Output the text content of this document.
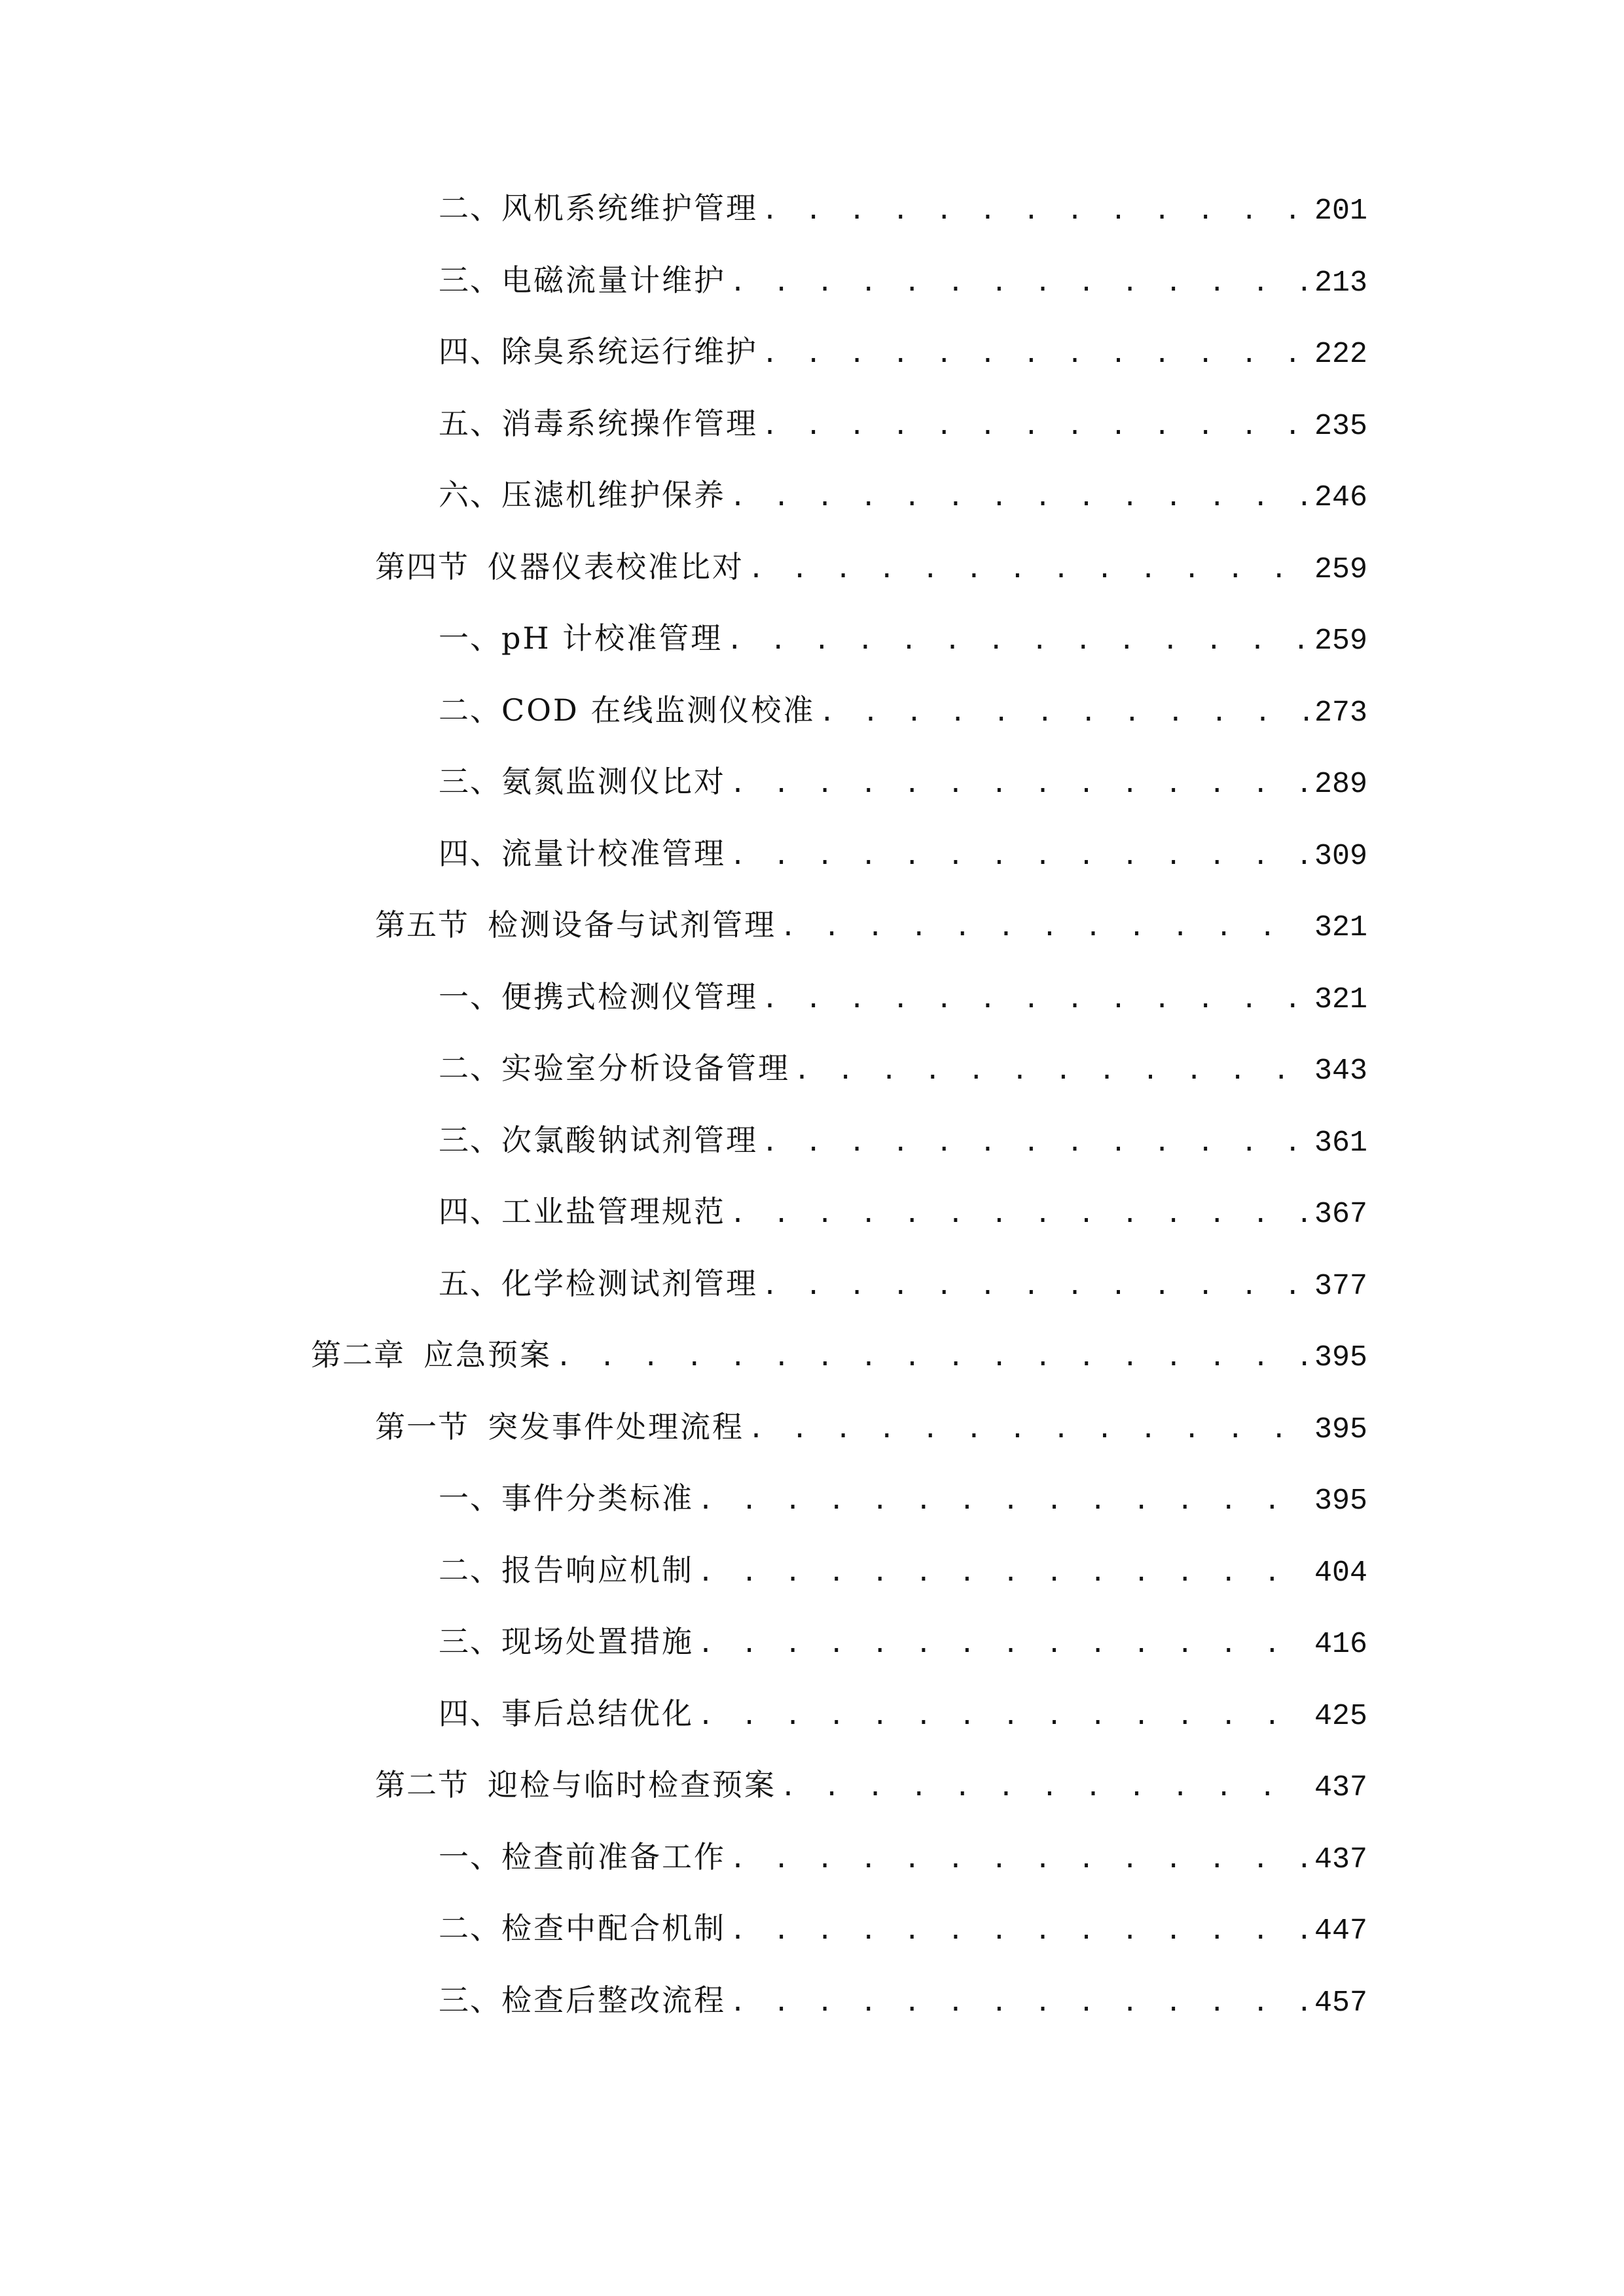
二、 风机系统维护管理 . . .	201
三、 电磁流量计维护 . . .	213
四、 除臭系统运行维护 . . .	222
五、 消毒系统操作管理 . . .	235
六、 压滤机维护保养 . . .	246
第四节 仪器仪表校准比对 . . .	259
一、 pH 计校准管理 . . .	259
二、 COD 在线监测仪校准 . . .	273
三、 氨氮监测仪比对 . . .	289
四、 流量计校准管理 . . .	309
第五节 检测设备与试剂管理 . . .	321
一、 便携式检测仪管理 . . .	321
二、 实验室分析设备管理 . . .	343
三、 次氯酸钠试剂管理 . . .	361
四、 工业盐管理规范 . . .	367
五、 化学检测试剂管理 . . .	377
第二章 应急预案 . . .	395
第一节 突发事件处理流程 . . .	395
一、 事件分类标准 . . .	395
二、 报告响应机制 . . .	404
三、 现场处置措施 . . .	416
四、 事后总结优化 . . .	425
第二节 迎检与临时检查预案 . . .	437
一、 检查前准备工作 . . .	437
二、 检查中配合机制 . . .	447
三、 检查后整改流程 . . .	457
